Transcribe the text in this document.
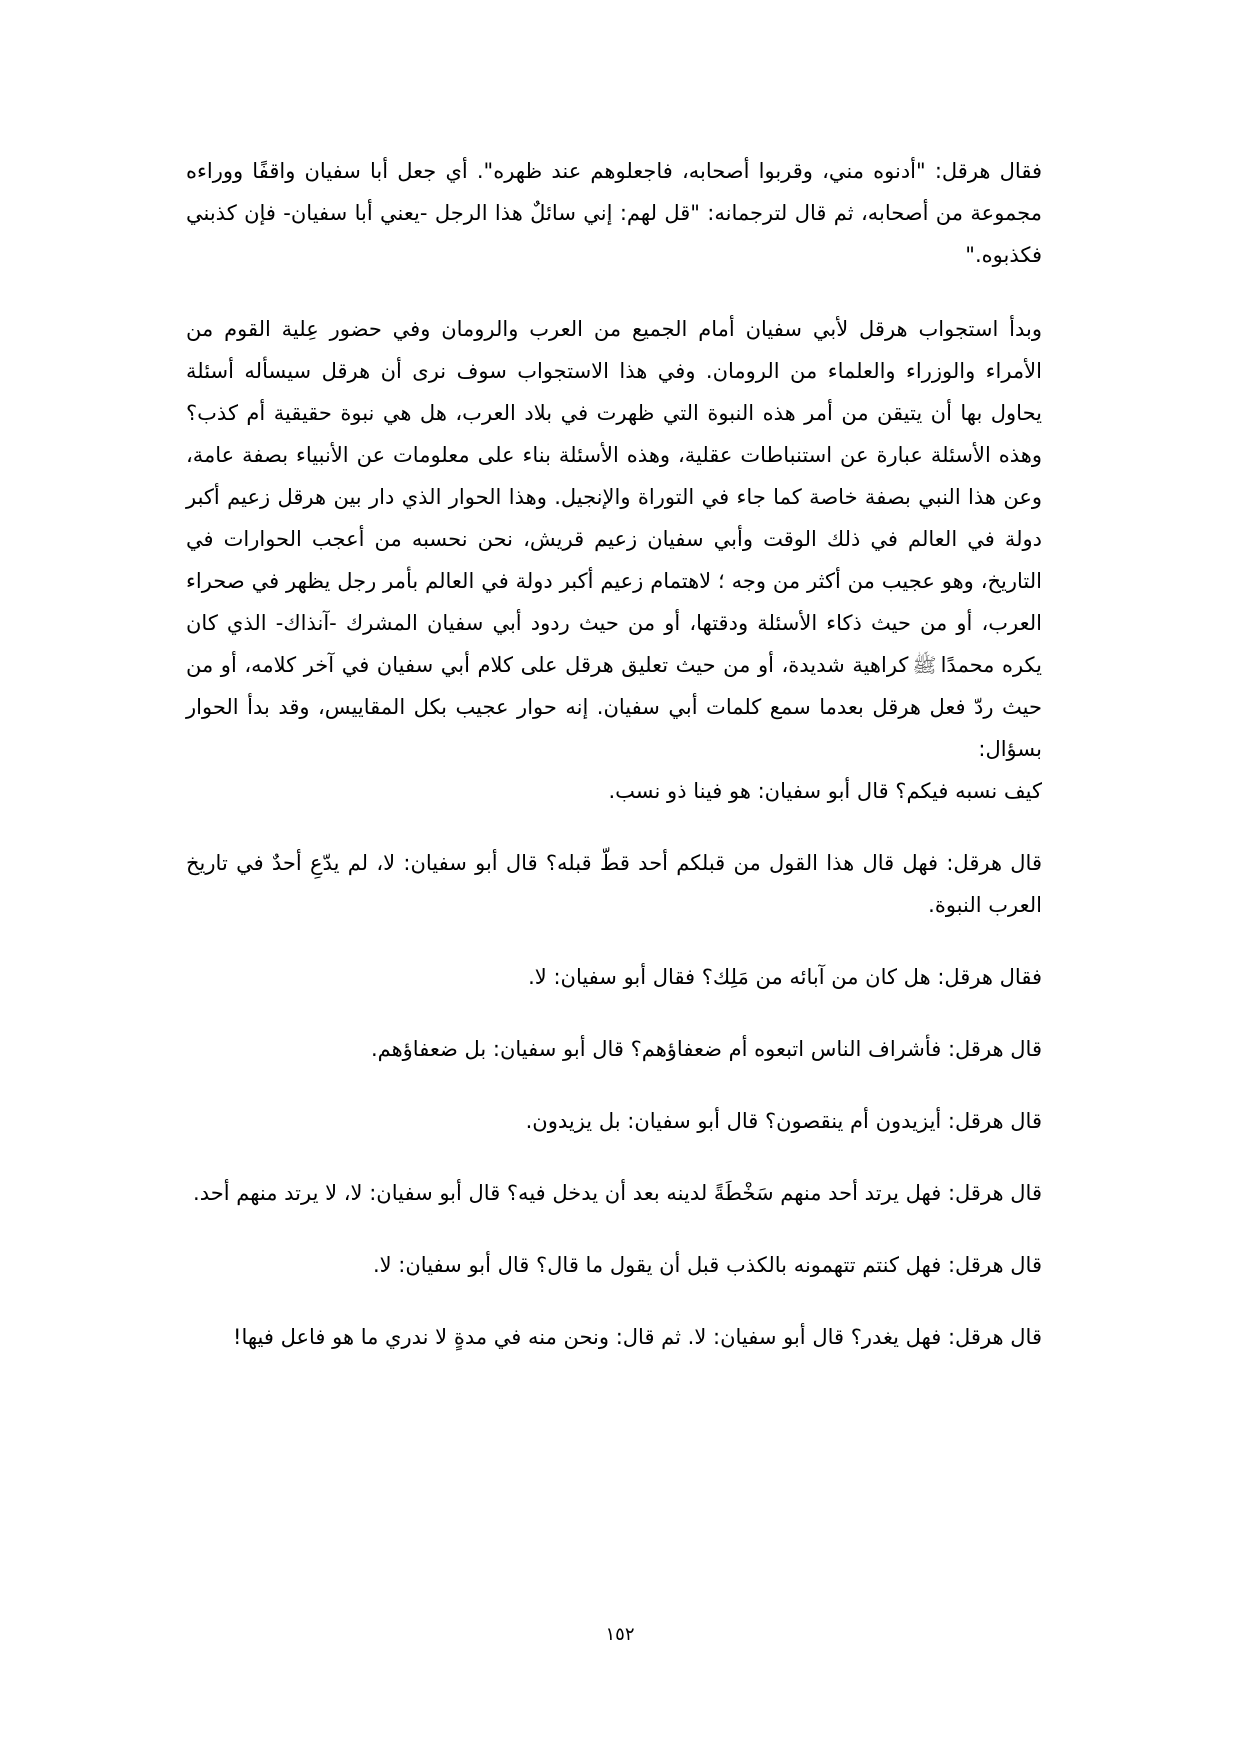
فقال هرقل: "أدنوه مني، وقربوا أصحابه، فاجعلوهم عند ظهره". أي جعل أبا سفيان واقفًا ووراءه مجموعة من أصحابه، ثم قال لترجمانه: "قل لهم: إني سائلٌ هذا الرجل -يعني أبا سفيان- فإن كذبني فكذبوه."

وبدأ استجواب هرقل لأبي سفيان أمام الجميع من العرب والرومان وفي حضور عِلية القوم من الأمراء والوزراء والعلماء من الرومان. وفي هذا الاستجواب سوف نرى أن هرقل سيسأله أسئلة يحاول بها أن يتيقن من أمر هذه النبوة التي ظهرت في بلاد العرب، هل هي نبوة حقيقية أم كذب؟ وهذه الأسئلة عبارة عن استنباطات عقلية، وهذه الأسئلة بناء على معلومات عن الأنبياء بصفة عامة، وعن هذا النبي بصفة خاصة كما جاء في التوراة والإنجيل. وهذا الحوار الذي دار بين هرقل زعيم أكبر دولة في العالم في ذلك الوقت وأبي سفيان زعيم قريش، نحن نحسبه من أعجب الحوارات في التاريخ، وهو عجيب من أكثر من وجه ؛ لاهتمام زعيم أكبر دولة في العالم بأمر رجل يظهر في صحراء العرب، أو من حيث ذكاء الأسئلة ودقتها، أو من حيث ردود أبي سفيان المشرك -آنذاك- الذي كان يكره محمدًاﷺكراهية شديدة، أو من حيث تعليق هرقل على كلام أبي سفيان في آخر كلامه، أو من حيث ردّ فعل هرقل بعدما سمع كلمات أبي سفيان. إنه حوار عجيب بكل المقاييس، وقد بدأ الحوار بسؤال:
كيف نسبه فيكم؟ قال أبو سفيان: هو فينا ذو نسب.

قال هرقل: فهل قال هذا القول من قبلكم أحد قطّ قبله؟ قال أبو سفيان: لا، لم يدّعِ أحدٌ في تاريخ العرب النبوة.

فقال هرقل: هل كان من آبائه من مَلِك؟ فقال أبو سفيان: لا.

قال هرقل: فأشراف الناس اتبعوه أم ضعفاؤهم؟ قال أبو سفيان: بل ضعفاؤهم.

قال هرقل: أيزيدون أم ينقصون؟ قال أبو سفيان: بل يزيدون.

قال هرقل: فهل يرتد أحد منهم سَخْطَةً لدينه بعد أن يدخل فيه؟ قال أبو سفيان: لا، لا يرتد منهم أحد.

قال هرقل: فهل كنتم تتهمونه بالكذب قبل أن يقول ما قال؟ قال أبو سفيان: لا.

قال هرقل: فهل يغدر؟ قال أبو سفيان: لا. ثم قال: ونحن منه في مدةٍ لا ندري ما هو فاعل فيها!

١٥٢
